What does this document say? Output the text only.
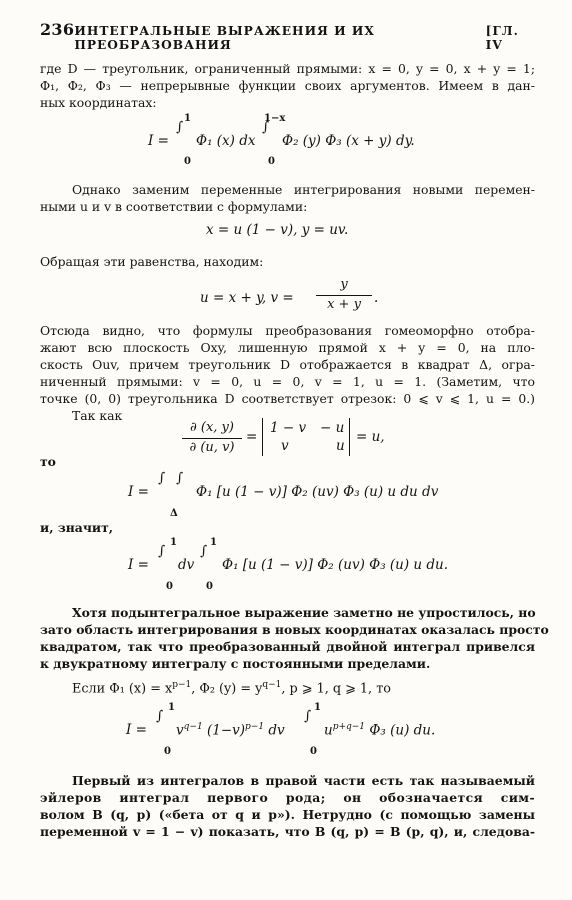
236 ИНТЕГРАЛЬНЫЕ ВЫРАЖЕНИЯ И ИХ ПРЕОБРАЗОВАНИЯ
[ГЛ. IV
где D — треугольник, ограниченный прямыми: x = 0, y = 0, x + y = 1;
Φ₁, Φ₂, Φ₃ — непрерывные функции своих аргументов. Имеем в дан-
ных координатах:
I =
∫
1
0
Φ₁ (x) dx
∫
1−x
0
Φ₂ (y) Φ₃ (x + y) dy.
Однако заменим переменные интегрирования новыми перемен-
ными u и v в соответствии с формулами:
x = u (1 − v), y = uv.
Обращая эти равенства, находим:
u = x + y, v =
y
x + y .
Отсюда видно, что формулы преобразования гомеоморфно отобра-
жают всю плоскость Oxy, лишенную прямой x + y = 0, на пло-
скость Ouv, причем треугольник D отображается в квадрат Δ, огра-
ниченный прямыми: v = 0, u = 0, v = 1, u = 1. (Заметим, что
точке (0, 0) треугольника D соответствует отрезок: 0 ⩽ v ⩽ 1, u = 0.)
Так как
∂ (x, y)
∂ (u, v)
=
1 − v − u
v	u
= u,
то
I =
∫ ∫
Δ
Φ₁ [u (1 − v)] Φ₂ (uv) Φ₃ (u) u du dv
и, значит,
I =
∫
1
0
dv
∫
1
0
Φ₁ [u (1 − v)] Φ₂ (uv) Φ₃ (u) u du.
Хотя подынтегральное выражение заметно не упростилось, но
зато область интегрирования в новых координатах оказалась просто
квадратом, так что преобразованный двойной интеграл привелся
к двукратному интегралу с постоянными пределами.
Если Φ₁ $(x) = x^{p-1}$, Φ₂ $(y) = y^{q-1}$, p ⩾ 1, q ⩾ 1, то
I =
∫
1
0
$v^{q-1}$ $(1-v)^{p-1}$ dv
∫
1
0
$u^{p+q-1}$ Φ₃ (u) du.
Первый из интегралов в правой части есть так называемый
эйлеров интеграл первого рода; он обозначается сим-
волом B (q, p) («бета от q и p»). Нетрудно (с помощью замены
переменной v = 1 − v) показать, что B (q, p) = B (p, q), и, следова-
